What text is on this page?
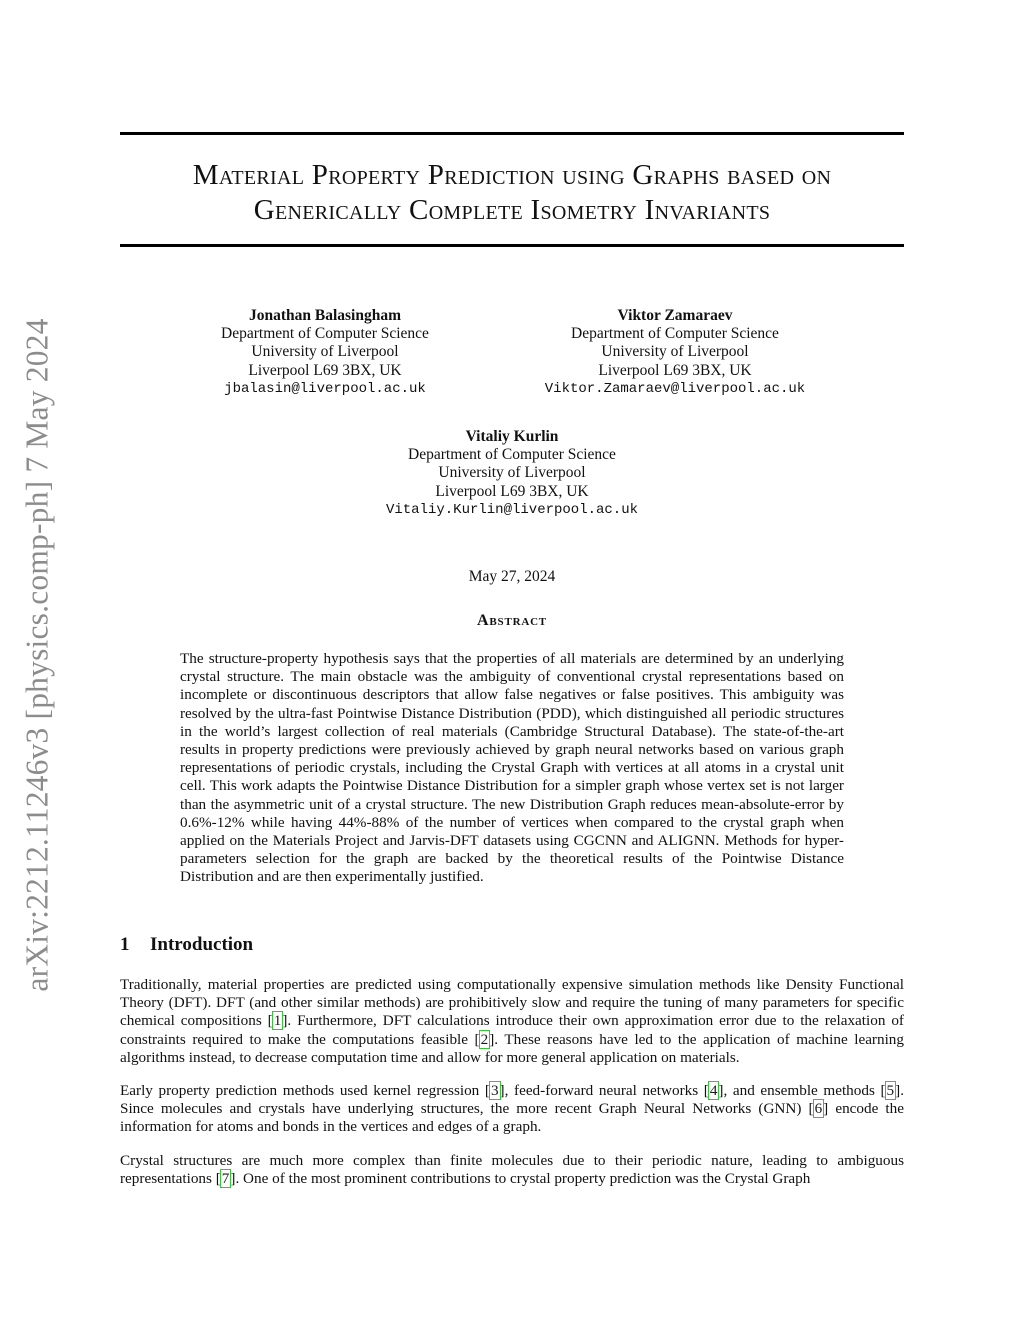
arXiv:2212.11246v3 [physics.comp-ph] 7 May 2024
Material Property Prediction using Graphs based on
Generically Complete Isometry Invariants
Jonathan Balasingham
Department of Computer Science
University of Liverpool
Liverpool L69 3BX, UK
jbalasin@liverpool.ac.uk
Viktor Zamaraev
Department of Computer Science
University of Liverpool
Liverpool L69 3BX, UK
Viktor.Zamaraev@liverpool.ac.uk
Vitaliy Kurlin
Department of Computer Science
University of Liverpool
Liverpool L69 3BX, UK
Vitaliy.Kurlin@liverpool.ac.uk
May 27, 2024
Abstract

The structure-property hypothesis says that the properties of all materials are determined by an underlying crystal structure. The main obstacle was the ambiguity of conventional crystal representations based on incomplete or discontinuous descriptors that allow false negatives or false positives. This ambiguity was resolved by the ultra-fast Pointwise Distance Distribution (PDD), which distinguished all periodic structures in the world’s largest collection of real materials (Cambridge Structural Database). The state-of-the-art results in property predictions were previously achieved by graph neural networks based on various graph representations of periodic crystals, including the Crystal Graph with vertices at all atoms in a crystal unit cell. This work adapts the Pointwise Distance Distribution for a simpler graph whose vertex set is not larger than the asymmetric unit of a crystal structure. The new Distribution Graph reduces mean-absolute-error by 0.6%-12% while having 44%-88% of the number of vertices when compared to the crystal graph when applied on the Materials Project and Jarvis-DFT datasets using CGCNN and ALIGNN. Methods for hyper-parameters selection for the graph are backed by the theoretical results of the Pointwise Distance Distribution and are then experimentally justified.

1 Introduction

Traditionally, material properties are predicted using computationally expensive simulation methods like Density Functional Theory (DFT). DFT (and other similar methods) are prohibitively slow and require the tuning of many parameters for specific chemical compositions [1]. Furthermore, DFT calculations introduce their own approximation error due to the relaxation of constraints required to make the computations feasible [2]. These reasons have led to the application of machine learning algorithms instead, to decrease computation time and allow for more general application on materials.

Early property prediction methods used kernel regression [3], feed-forward neural networks [4], and ensemble methods [5]. Since molecules and crystals have underlying structures, the more recent Graph Neural Networks (GNN) [6] encode the information for atoms and bonds in the vertices and edges of a graph.

Crystal structures are much more complex than finite molecules due to their periodic nature, leading to ambiguous representations [7]. One of the most prominent contributions to crystal property prediction was the Crystal Graph
